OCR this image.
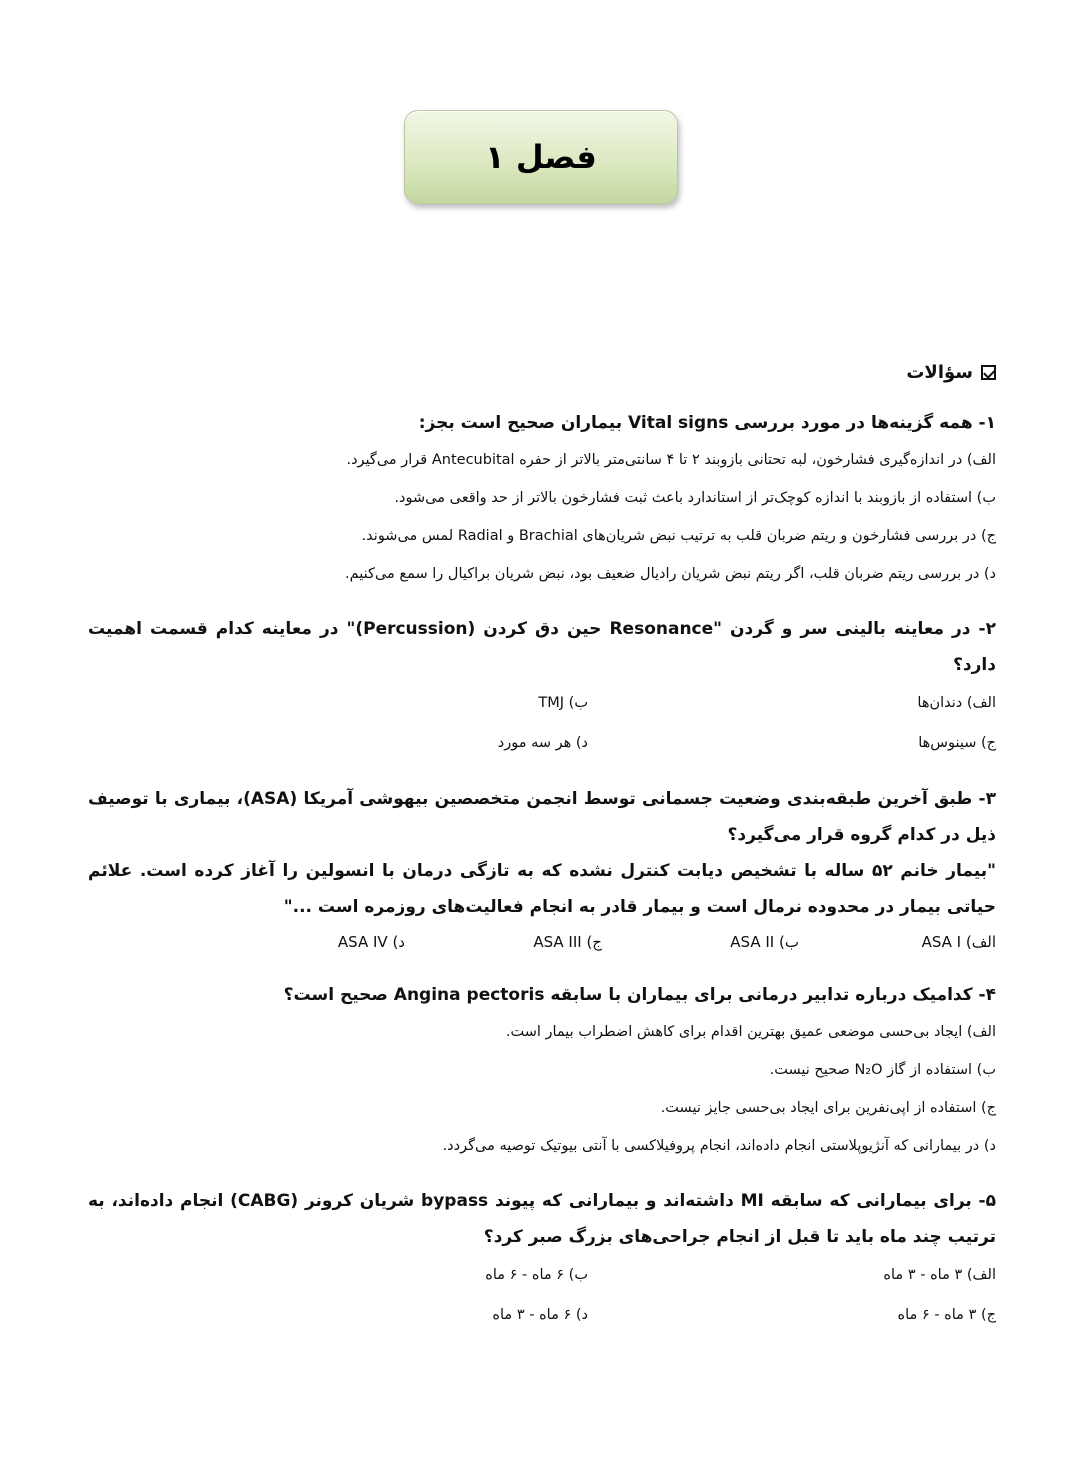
فصل ۱
سؤالات
۱- همه گزینه‌ها در مورد بررسی Vital signs بیماران صحیح است بجز:
الف) در اندازه‌گیری فشارخون، لبه تحتانی بازوبند ۲ تا ۴ سانتی‌متر بالاتر از حفره Antecubital قرار می‌گیرد.
ب) استفاده از بازوبند با اندازه کوچک‌تر از استاندارد باعث ثبت فشارخون بالاتر از حد واقعی می‌شود.
ج) در بررسی فشارخون و ریتم ضربان قلب به ترتیب نبض شریان‌های Brachial و Radial لمس می‌شوند.
د) در بررسی ریتم ضربان قلب، اگر ریتم نبض شریان رادیال ضعیف بود، نبض شریان براکیال را سمع می‌کنیم.
۲- در معاینه بالینی سر و گردن "Resonance حین دق کردن (Percussion)" در معاینه کدام قسمت اهمیت دارد؟
الف) دندان‌ها
ب) TMJ
ج) سینوس‌ها
د) هر سه مورد
۳- طبق آخرین طبقه‌بندی وضعیت جسمانی توسط انجمن متخصصین بیهوشی آمریکا (ASA)، بیماری با توصیف ذیل در کدام گروه قرار می‌گیرد؟
"بیمار خانم ۵۲ ساله با تشخیص دیابت کنترل نشده که به تازگی درمان با انسولین را آغاز کرده است. علائم حیاتی بیمار در محدوده نرمال است و بیمار قادر به انجام فعالیت‌های روزمره است ..."
الف) ASA I
ب) ASA II
ج) ASA III
د) ASA IV
۴- کدامیک درباره تدابیر درمانی برای بیماران با سابقه Angina pectoris صحیح است؟
الف) ایجاد بی‌حسی موضعی عمیق بهترین اقدام برای کاهش اضطراب بیمار است.
ب) استفاده از گاز N₂O صحیح نیست.
ج) استفاده از اپی‌نفرین برای ایجاد بی‌حسی جایز نیست.
د) در بیمارانی که آنژیوپلاستی انجام داده‌اند، انجام پروفیلاکسی با آنتی بیوتیک توصیه می‌گردد.
۵- برای بیمارانی که سابقه MI داشته‌اند و بیمارانی که پیوند bypass شریان کرونر (CABG) انجام داده‌اند، به ترتیب چند ماه باید تا قبل از انجام جراحی‌های بزرگ صبر کرد؟
الف) ۳ ماه - ۳ ماه
ب) ۶ ماه - ۶ ماه
ج) ۳ ماه - ۶ ماه
د) ۶ ماه - ۳ ماه
